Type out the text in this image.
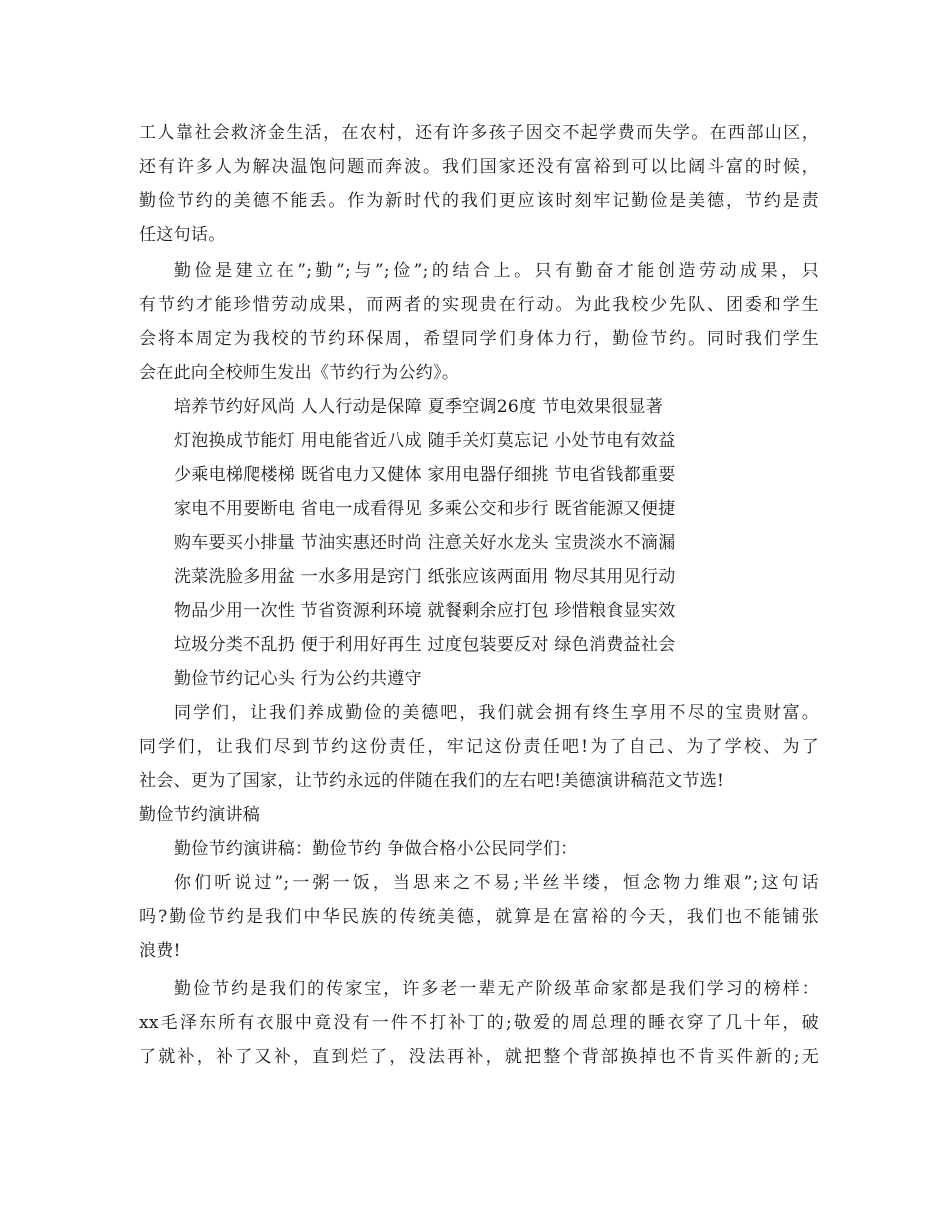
工人靠社会救济金生活，在农村，还有许多孩子因交不起学费而失学。在西部山区，
还有许多人为解决温饱问题而奔波。我们国家还没有富裕到可以比阔斗富的时候，
勤俭节约的美德不能丢。作为新时代的我们更应该时刻牢记勤俭是美德，节约是责
任这句话。
勤俭是建立在”;勤”;与”;俭”;的结合上。只有勤奋才能创造劳动成果，只
有节约才能珍惜劳动成果，而两者的实现贵在行动。为此我校少先队、团委和学生
会将本周定为我校的节约环保周，希望同学们身体力行，勤俭节约。同时我们学生
会在此向全校师生发出《节约行为公约》。
培养节约好风尚 人人行动是保障 夏季空调26度 节电效果很显著
灯泡换成节能灯 用电能省近八成 随手关灯莫忘记 小处节电有效益
少乘电梯爬楼梯 既省电力又健体 家用电器仔细挑 节电省钱都重要
家电不用要断电 省电一成看得见 多乘公交和步行 既省能源又便捷
购车要买小排量 节油实惠还时尚 注意关好水龙头 宝贵淡水不滴漏
洗菜洗脸多用盆 一水多用是窍门 纸张应该两面用 物尽其用见行动
物品少用一次性 节省资源利环境 就餐剩余应打包 珍惜粮食显实效
垃圾分类不乱扔 便于利用好再生 过度包装要反对 绿色消费益社会
勤俭节约记心头 行为公约共遵守
同学们，让我们养成勤俭的美德吧，我们就会拥有终生享用不尽的宝贵财富。
同学们，让我们尽到节约这份责任，牢记这份责任吧!为了自己、为了学校、为了
社会、更为了国家，让节约永远的伴随在我们的左右吧!美德演讲稿范文节选!
勤俭节约演讲稿
勤俭节约演讲稿：勤俭节约 争做合格小公民同学们：
你们听说过”;一粥一饭，当思来之不易;半丝半缕，恒念物力维艰”;这句话
吗?勤俭节约是我们中华民族的传统美德，就算是在富裕的今天，我们也不能铺张
浪费!
勤俭节约是我们的传家宝，许多老一辈无产阶级革命家都是我们学习的榜样：
xx毛泽东所有衣服中竟没有一件不打补丁的;敬爱的周总理的睡衣穿了几十年，破
了就补，补了又补，直到烂了，没法再补，就把整个背部换掉也不肯买件新的;无
